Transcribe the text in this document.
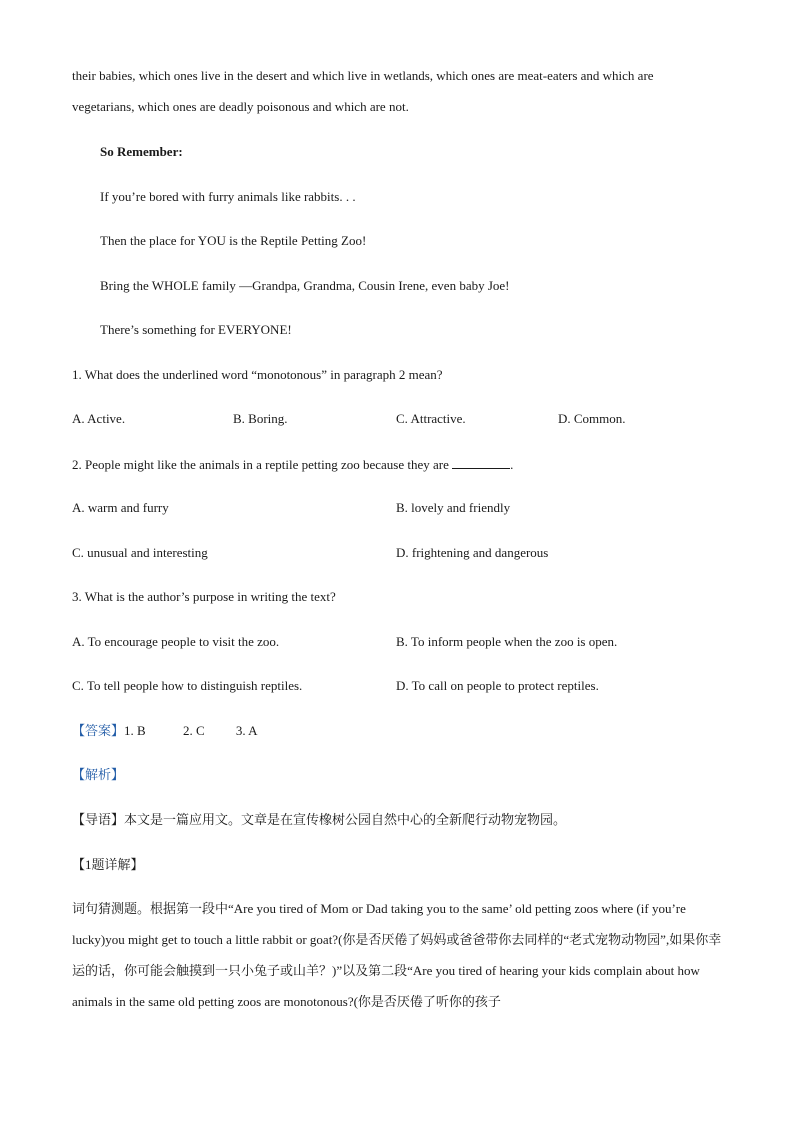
their babies, which ones live in the desert and which live in wetlands, which ones are meat-eaters and which are
vegetarians, which ones are deadly poisonous and which are not.
So Remember:
If you’re bored with furry animals like rabbits. . .
Then the place for YOU is the Reptile Petting Zoo!
Bring the WHOLE family —Grandpa, Grandma, Cousin Irene, even baby Joe!
There’s something for EVERYONE!
1. What does the underlined word “monotonous” in paragraph 2 mean?
A. Active.	B. Boring.	C. Attractive.	D. Common.
2. People might like the animals in a reptile petting zoo because they are	.
A. warm and furry	B. lovely and friendly
C. unusual and interesting	D. frightening and dangerous
3. What is the author’s purpose in writing the text?
A. To encourage people to visit the zoo.	B. To inform people when the zoo is open.
C. To tell people how to distinguish reptiles.	D. To call on people to protect reptiles.
【答案】1. B	2. C 3. A
【解析】
【导语】本文是一篇应用文。文章是在宣传橡树公园自然中心的全新爬行动物宠物园。
【1题详解】

词句猜测题。根据第一段中“Are you tired of Mom or Dad taking you to the same’ old petting zoos where (if you’re lucky)you might get to touch a little rabbit or goat?(你是否厌倦了妈妈或爸爸带你去同样的“老式宠物动物园”,如果你幸运的话，你可能会触摸到一只小兔子或山羊？)”以及第二段“Are you tired of hearing your kids complain about how animals in the same old petting zoos are monotonous?(你是否厌倦了听你的孩子
